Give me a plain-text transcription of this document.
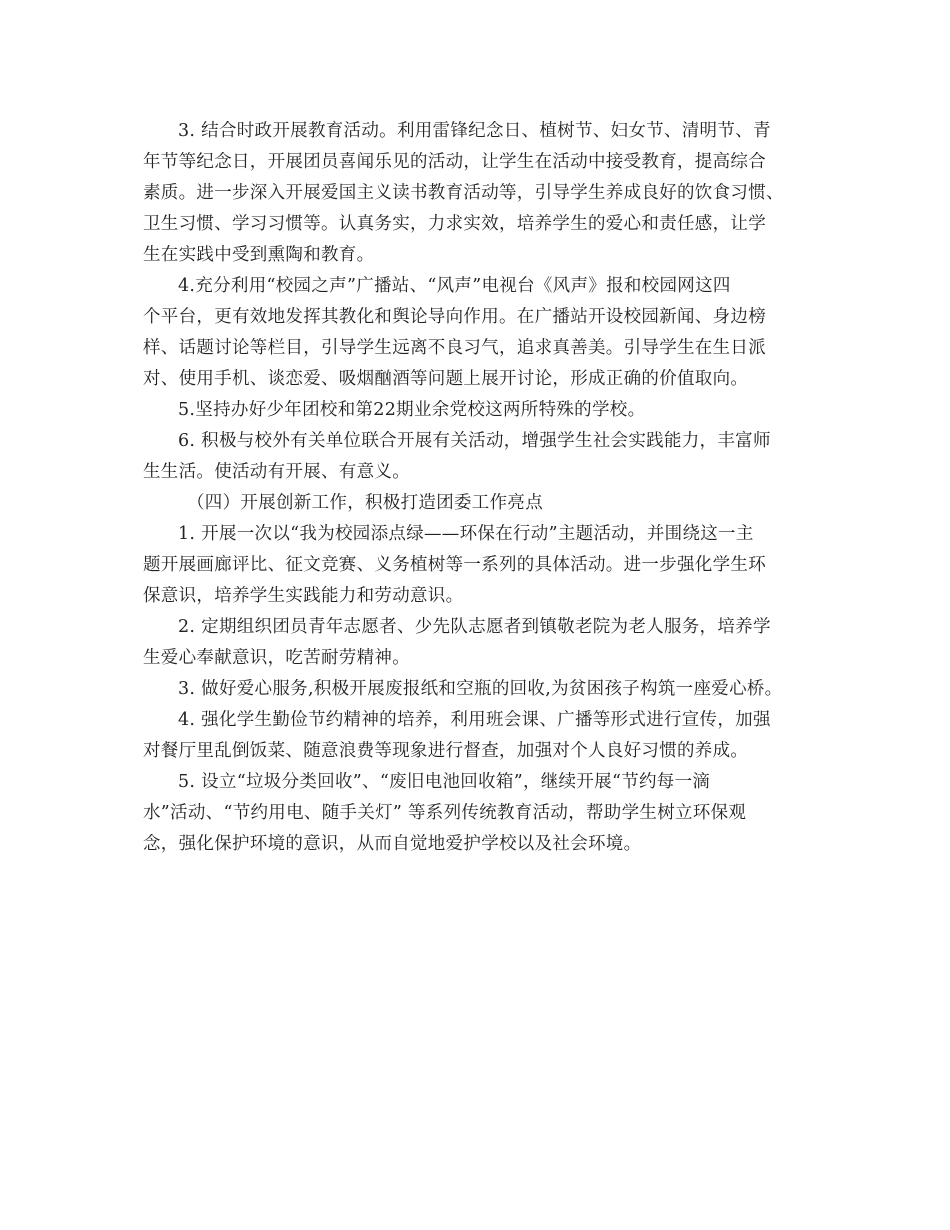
3. 结合时政开展教育活动。利用雷锋纪念日、植树节、妇女节、清明节、青
年节等纪念日，开展团员喜闻乐见的活动，让学生在活动中接受教育，提高综合
素质。进一步深入开展爱国主义读书教育活动等，引导学生养成良好的饮食习惯、
卫生习惯、学习习惯等。认真务实，力求实效，培养学生的爱心和责任感，让学
生在实践中受到熏陶和教育。

4.充分利用“校园之声”广播站、“风声”电视台《风声》报和校园网这四
个平台，更有效地发挥其教化和舆论导向作用。在广播站开设校园新闻、身边榜
样、话题讨论等栏目，引导学生远离不良习气，追求真善美。引导学生在生日派
对、使用手机、谈恋爱、吸烟酗酒等问题上展开讨论，形成正确的价值取向。

5.坚持办好少年团校和第22期业余党校这两所特殊的学校。

6. 积极与校外有关单位联合开展有关活动，增强学生社会实践能力，丰富师
生生活。使活动有开展、有意义。

（四）开展创新工作，积极打造团委工作亮点

1. 开展一次以“我为校园添点绿——环保在行动”主题活动，并围绕这一主
题开展画廊评比、征文竞赛、义务植树等一系列的具体活动。进一步强化学生环
保意识，培养学生实践能力和劳动意识。

2. 定期组织团员青年志愿者、少先队志愿者到镇敬老院为老人服务，培养学
生爱心奉献意识，吃苦耐劳精神。

3. 做好爱心服务,积极开展废报纸和空瓶的回收,为贫困孩子构筑一座爱心桥。

4. 强化学生勤俭节约精神的培养，利用班会课、广播等形式进行宣传，加强
对餐厅里乱倒饭菜、随意浪费等现象进行督查，加强对个人良好习惯的养成。

5. 设立“垃圾分类回收”、“废旧电池回收箱”，继续开展“节约每一滴
水”活动、“节约用电、随手关灯” 等系列传统教育活动，帮助学生树立环保观
念，强化保护环境的意识，从而自觉地爱护学校以及社会环境。
